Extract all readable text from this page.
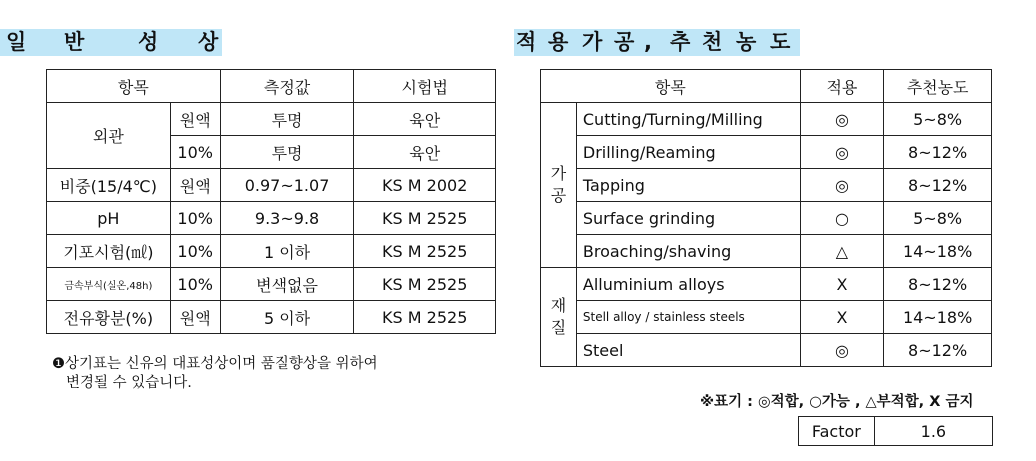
일 반	성 상	적 용 가 공 , 추 천 농 도
항목		측정값	시험법
외관	원액	투명	육안
	10%	투명	육안
비중(15/4℃)	원액	0.97~1.07	KS M 2002
pH	10%	9.3~9.8	KS M 2525
기포시험(㎖)	10%	1 이하	KS M 2525
금속부식(실온,48h)	10%	변색없음	KS M 2525
전유황분(%)	원액	5 이하	KS M 2525
❶상기표는 신유의 대표성상이며 품질향상을 위하여
변경될 수 있습니다.
항목		적용	추천농도

가
공	Cutting/Turning/Milling	◎	5~8%
	Drilling/Reaming	◎	8~12%
	Tapping	◎	8~12%
	Surface grinding	○	5~8%
	Broaching/shaving	△	14~18%

재
질	Alluminium alloys	X	8~12%
	Stell alloy / stainless steels	X	14~18%
	Steel	◎	8~12%
※표기 : ◎적합, ○가능 , △부적합, X 금지
Factor	1.6
